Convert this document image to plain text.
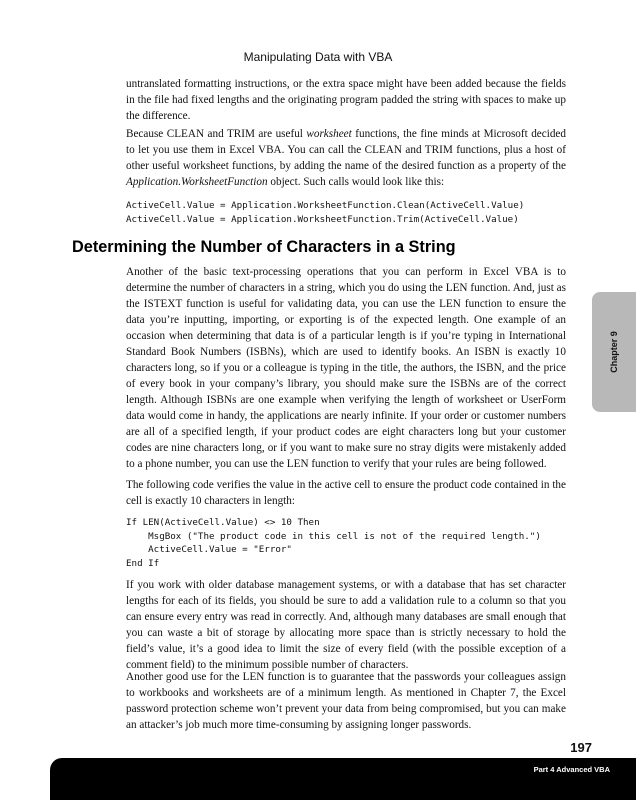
Manipulating Data with VBA

untranslated formatting instructions, or the extra space might have been added because the fields in the file had fixed lengths and the originating program padded the string with spaces to make up the difference.

Because CLEAN and TRIM are useful worksheet functions, the fine minds at Microsoft decided to let you use them in Excel VBA. You can call the CLEAN and TRIM functions, plus a host of other useful worksheet functions, by adding the name of the desired function as a property of the Application.WorksheetFunction object. Such calls would look like this:

ActiveCell.Value = Application.WorksheetFunction.Clean(ActiveCell.Value)
ActiveCell.Value = Application.WorksheetFunction.Trim(ActiveCell.Value)
Determining the Number of Characters in a String

Another of the basic text-processing operations that you can perform in Excel VBA is to determine the number of characters in a string, which you do using the LEN function. And, just as the ISTEXT function is useful for validating data, you can use the LEN function to ensure the data you’re inputting, importing, or exporting is of the expected length. One example of an occasion when determining that data is of a particular length is if you’re typing in International Standard Book Numbers (ISBNs), which are used to identify books. An ISBN is exactly 10 characters long, so if you or a colleague is typing in the title, the authors, the ISBN, and the price of every book in your company’s library, you should make sure the ISBNs are of the correct length. Although ISBNs are one example when verifying the length of worksheet or UserForm data would come in handy, the applications are nearly infinite. If your order or customer numbers are all of a specified length, if your product codes are eight characters long but your customer codes are nine characters long, or if you want to make sure no stray digits were mistakenly added to a phone number, you can use the LEN function to verify that your rules are being followed.

The following code verifies the value in the active cell to ensure the product code contained in the cell is exactly 10 characters in length:

If LEN(ActiveCell.Value) <> 10 Then
MsgBox ("The product code in this cell is not of the required length.")
ActiveCell.Value = "Error"
End If

If you work with older database management systems, or with a database that has set character lengths for each of its fields, you should be sure to add a validation rule to a column so that you can ensure every entry was read in correctly. And, although many databases are small enough that you can waste a bit of storage by allocating more space than is strictly necessary to hold the field’s value, it’s a good idea to limit the size of every field (with the possible exception of a comment field) to the minimum possible number of characters.

Another good use for the LEN function is to guarantee that the passwords your colleagues assign to workbooks and worksheets are of a minimum length. As mentioned in Chapter 7, the Excel password protection scheme won’t prevent your data from being compromised, but you can make an attacker’s job much more time-consuming by assigning longer passwords.

Chapter 9
197
Part 4 Advanced VBA
